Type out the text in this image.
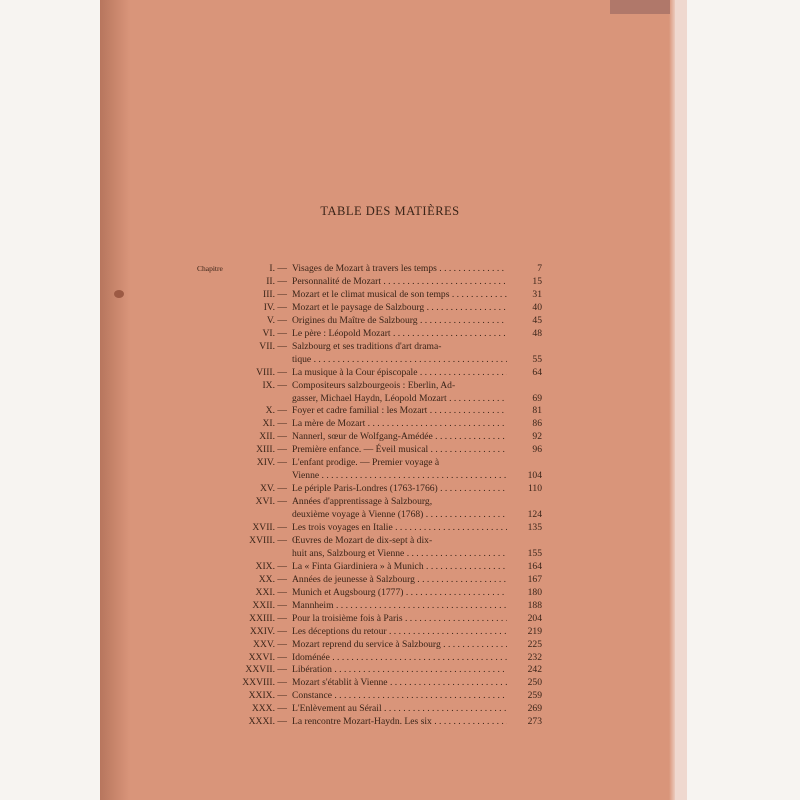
TABLE DES MATIÈRES
Chapitre	I. — Visages de Mozart à travers les temps . . .	7
II. — Personnalité de Mozart . . .	15
III. — Mozart et le climat musical de son temps . . .	31
IV. — Mozart et le paysage de Salzbourg . . .	40
V. — Origines du Maître de Salzbourg . . .	45
VI. — Le père : Léopold Mozart . . .	48
VII. — Salzbourg et ses traditions d'art drama-
tique . . .	55
VIII. — La musique à la Cour épiscopale . . .	64
IX. — Compositeurs salzbourgeois : Eberlin, Ad-
gasser, Michael Haydn, Léopold Mozart . . .	69
X. — Foyer et cadre familial : les Mozart . . .	81
XI. — La mère de Mozart . . .	86
XII. — Nannerl, sœur de Wolfgang-Amédée . . .	92
XIII. — Première enfance. — Éveil musical . . .	96
XIV. — L'enfant prodige. — Premier voyage à
Vienne . . .	104
XV. — Le périple Paris-Londres (1763-1766) . . .	110
XVI. — Années d'apprentissage à Salzbourg,
deuxième voyage à Vienne (1768) . . .	124
XVII. — Les trois voyages en Italie . . .	135
XVIII. — Œuvres de Mozart de dix-sept à dix-
huit ans, Salzbourg et Vienne . . .	155
XIX. — La « Finta Giardiniera » à Munich . . .	164
XX. — Années de jeunesse à Salzbourg . . .	167
XXI. — Munich et Augsbourg (1777) . . .	180
XXII. — Mannheim . . .	188
XXIII. — Pour la troisième fois à Paris . . .	204
XXIV. — Les déceptions du retour . . .	219
XXV. — Mozart reprend du service à Salzbourg . . .	225
XXVI. — Idoménée . . .	232
XXVII. — Libération . . .	242
XXVIII. — Mozart s'établit à Vienne . . .	250
XXIX. — Constance . . .	259
XXX. — L'Enlèvement au Sérail . . .	269
XXXI. — La rencontre Mozart-Haydn. Les six . . .	273
